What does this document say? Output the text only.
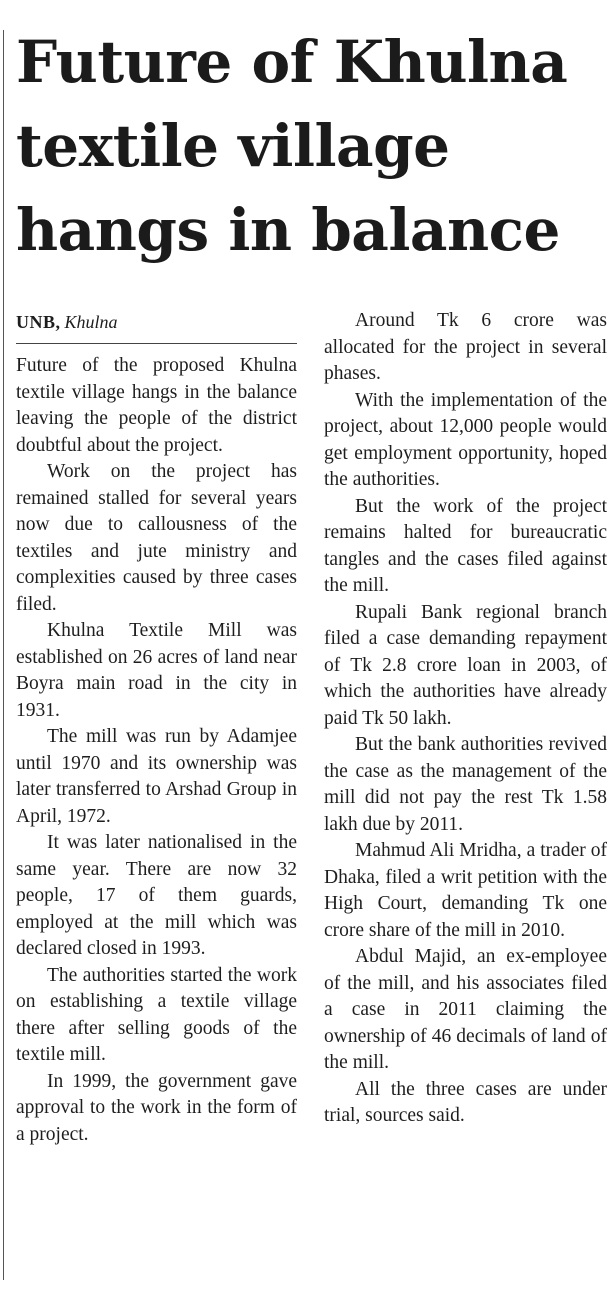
Future of Khulna
textile village
hangs in balance
UNB, Khulna

Future of the proposed Khulna textile village hangs in the balance leaving the people of the district doubtful about the project.

Work on the project has remained stalled for several years now due to callousness of the textiles and jute ministry and complexities caused by three cases filed.

Khulna Textile Mill was established on 26 acres of land near Boyra main road in the city in 1931.

The mill was run by Adamjee until 1970 and its ownership was later transferred to Arshad Group in April, 1972.

It was later nationalised in the same year. There are now 32 people, 17 of them guards, employed at the mill which was declared closed in 1993.

The authorities started the work on establishing a textile village there after selling goods of the textile mill.

In 1999, the government gave approval to the work in the form of a project.

Around Tk 6 crore was allocated for the project in several phases.

With the implementation of the project, about 12,000 people would get employment opportunity, hoped the authorities.

But the work of the project remains halted for bureaucratic tangles and the cases filed against the mill.

Rupali Bank regional branch filed a case demanding repayment of Tk 2.8 crore loan in 2003, of which the authorities have already paid Tk 50 lakh.

But the bank authorities revived the case as the management of the mill did not pay the rest Tk 1.58 lakh due by 2011.

Mahmud Ali Mridha, a trader of Dhaka, filed a writ petition with the High Court, demanding Tk one crore share of the mill in 2010.

Abdul Majid, an ex-employee of the mill, and his associates filed a case in 2011 claiming the ownership of 46 decimals of land of the mill.

All the three cases are under trial, sources said.
